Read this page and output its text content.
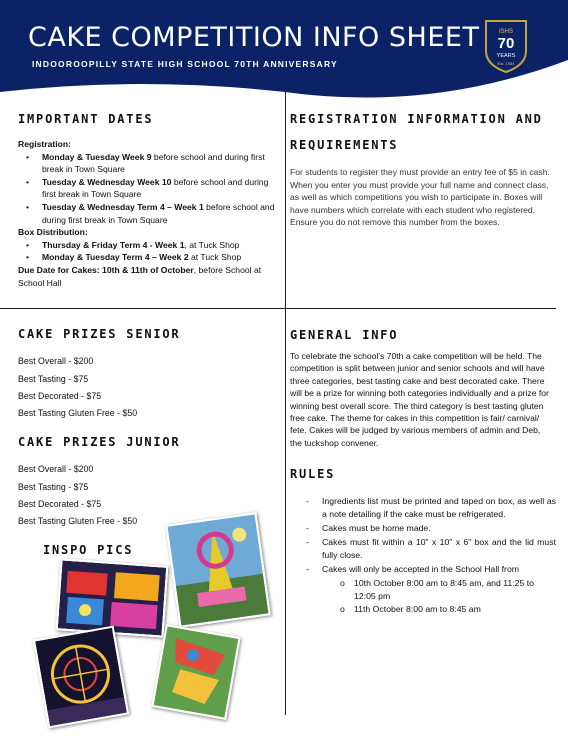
CAKE COMPETITION INFO SHEET
INDOOROOPILLY STATE HIGH SCHOOL 70TH ANNIVERSARY
ISHS
70
YEARS
Est. 1954
IMPORTANT DATES
Registration:
• Monday & Tuesday Week 9 before school and during first break in Town Square
• Tuesday & Wednesday Week 10 before school and during first break in Town Square
• Tuesday & Wednesday Term 4 – Week 1 before school and during first break in Town Square
Box Distribution:
• Thursday & Friday Term 4 - Week 1, at Tuck Shop
• Monday & Tuesday Term 4 – Week 2 at Tuck Shop
Due Date for Cakes: 10th & 11th of October, before School at School Hall
REGISTRATION INFORMATION AND
REQUIREMENTS
For students to register they must provide an entry fee of $5 in cash. When you enter you must provide your full name and connect class, as well as which competitions you wish to participate in. Boxes will have numbers which correlate with each student who registered. Ensure you do not remove this number from the boxes.
CAKE PRIZES SENIOR
Best Overall - $200
Best Tasting - $75
Best Decorated - $75
Best Tasting Gluten Free - $50
CAKE PRIZES JUNIOR
Best Overall - $200
Best Tasting - $75
Best Decorated - $75
Best Tasting Gluten Free - $50
INSPO PICS
GENERAL INFO
To celebrate the school's 70th a cake competition will be held. The competition is split between junior and senior schools and will have three categories, best tasting cake and best decorated cake. There will be a prize for winning both categories individually and a prize for winning best overall score. The third category is best tasting gluten free cake. The theme for cakes in this competition is fair/ carnival/ fete. Cakes will be judged by various members of admin and Deb, the tuckshop convener.
RULES
- Ingredients list must be printed and taped on box, as well as a note detailing if the cake must be refrigerated.
- Cakes must be home made.
- Cakes must fit within a 10" x 10" x 6" box and the lid must fully close.
- Cakes will only be accepted in the School Hall from
o 10th October 8:00 am to 8:45 am, and 11:25 to 12:05 pm
o 11th October 8:00 am to 8:45 am
